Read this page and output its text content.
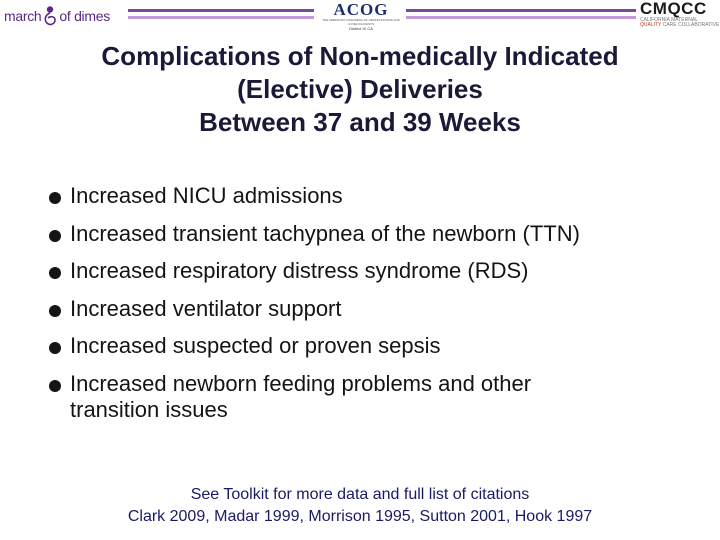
march of dimes	ACOG
THE AMERICAN CONGRESS OF OBSTETRICIANS AND GYNECOLOGISTS
District IX CA
CMQCC
CALIFORNIA MATERNAL
QUALITY CARE COLLABORATIVE
Complications of Non-medically Indicated
(Elective) Deliveries
Between 37 and 39 Weeks
Increased NICU admissions
Increased transient tachypnea of the newborn (TTN)
Increased respiratory distress syndrome (RDS)
Increased ventilator support
Increased suspected or proven sepsis
Increased newborn feeding problems and other
transition issues
See Toolkit for more data and full list of citations
Clark 2009, Madar 1999, Morrison 1995, Sutton 2001, Hook 1997
